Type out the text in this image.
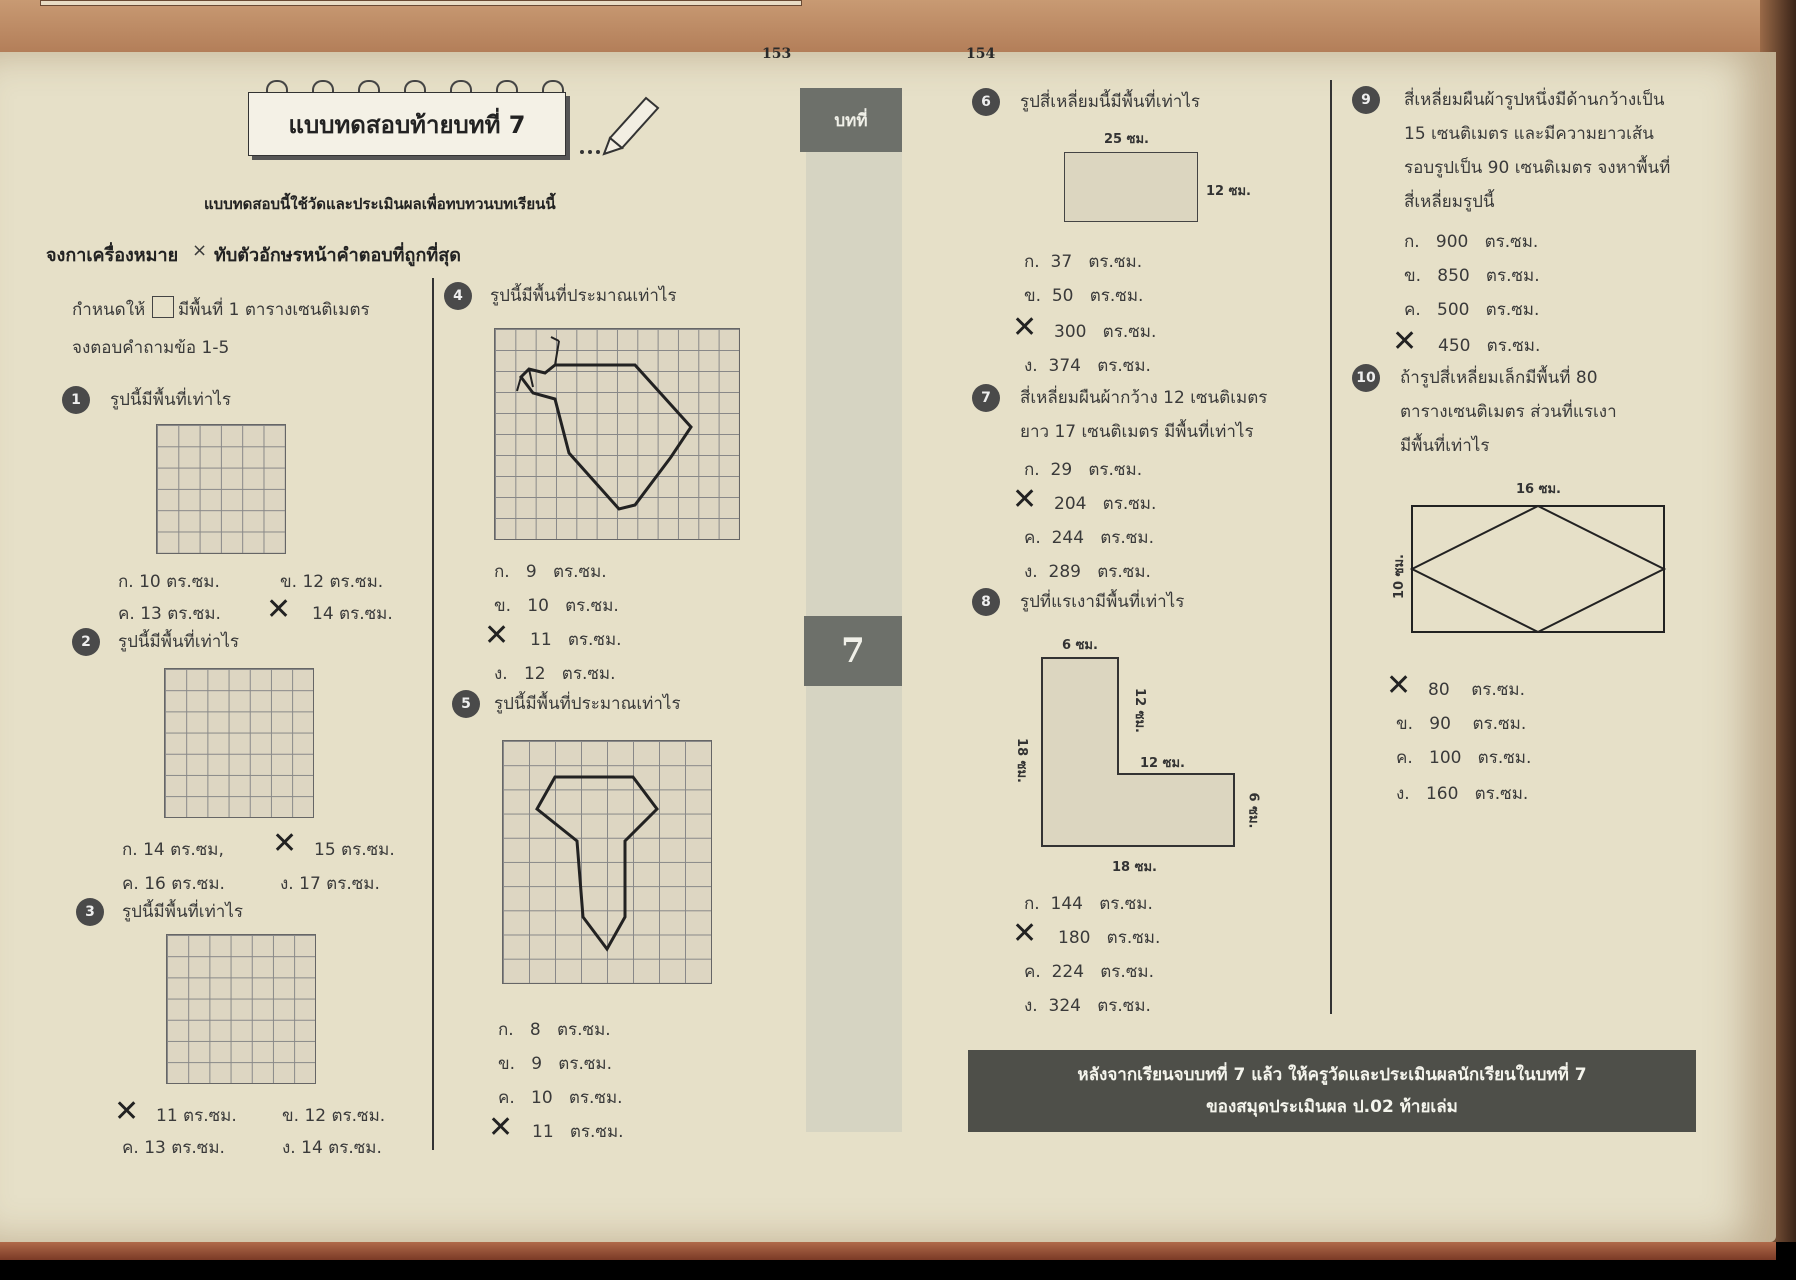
153	154
แบบทดสอบท้ายบทที่ 7
แบบทดสอบนี้ใช้วัดและประเมินผลเพื่อทบทวนบทเรียนนี้
จงกาเครื่องหมาย × ทับตัวอักษรหน้าคำตอบที่ถูกที่สุด
กำหนดให้ มีพื้นที่ 1 ตารางเซนติเมตร
จงตอบคำถามข้อ 1-5
1	รูปนี้มีพื้นที่เท่าไร
ก. 10 ตร.ซม.	ข. 12 ตร.ซม.
ค. 13 ตร.ซม. ✕ 14 ตร.ซม.
2	รูปนี้มีพื้นที่เท่าไร
ก. 14 ตร.ซม, ✕ 15 ตร.ซม.
ค. 16 ตร.ซม.	ง. 17 ตร.ซม.
3	รูปนี้มีพื้นที่เท่าไร
✕ 11 ตร.ซม.	ข. 12 ตร.ซม.
ค. 13 ตร.ซม.	ง. 14 ตร.ซม.
4	รูปนี้มีพื้นที่ประมาณเท่าไร
ก. 9 ตร.ซม.
ข. 10 ตร.ซม.
✕ 11 ตร.ซม.
ง. 12 ตร.ซม.
5	รูปนี้มีพื้นที่ประมาณเท่าไร
ก. 8 ตร.ซม.
ข. 9 ตร.ซม.
ค. 10 ตร.ซม.
✕ 11 ตร.ซม.
บทที่
7
6	รูปสี่เหลี่ยมนี้มีพื้นที่เท่าไร
25 ซม.
12 ซม.
ก. 37 ตร.ซม.
ข. 50 ตร.ซม.
✕ 300 ตร.ซม.
ง. 374 ตร.ซม.
7	สี่เหลี่ยมผืนผ้ากว้าง 12 เซนติเมตร
ยาว 17 เซนติเมตร มีพื้นที่เท่าไร
ก. 29 ตร.ซม.
✕ 204 ตร.ซม.
ค. 244 ตร.ซม.
ง. 289 ตร.ซม.
8	รูปที่แรเงามีพื้นที่เท่าไร
6 ซม.
12 ซม.
12 ซม.
18 ซม.
6 ซม.
18 ซม.
ก. 144 ตร.ซม.
✕ 180 ตร.ซม.
ค. 224 ตร.ซม.
ง. 324 ตร.ซม.
9	สี่เหลี่ยมผืนผ้ารูปหนึ่งมีด้านกว้างเป็น
15 เซนติเมตร และมีความยาวเส้น
รอบรูปเป็น 90 เซนติเมตร จงหาพื้นที่
สี่เหลี่ยมรูปนี้
ก. 900 ตร.ซม.
ข. 850 ตร.ซม.
ค. 500 ตร.ซม.
✕ 450 ตร.ซม.
10 ถ้ารูปสี่เหลี่ยมเล็กมีพื้นที่ 80
ตารางเซนติเมตร ส่วนที่แรเงา
มีพื้นที่เท่าไร
16 ซม.
10 ซม.
✕ 80 ตร.ซม.
ข. 90 ตร.ซม.
ค. 100 ตร.ซม.
ง. 160 ตร.ซม.
หลังจากเรียนจบบทที่ 7 แล้ว ให้ครูวัดและประเมินผลนักเรียนในบทที่ 7
ของสมุดประเมินผล ป.02 ท้ายเล่ม
